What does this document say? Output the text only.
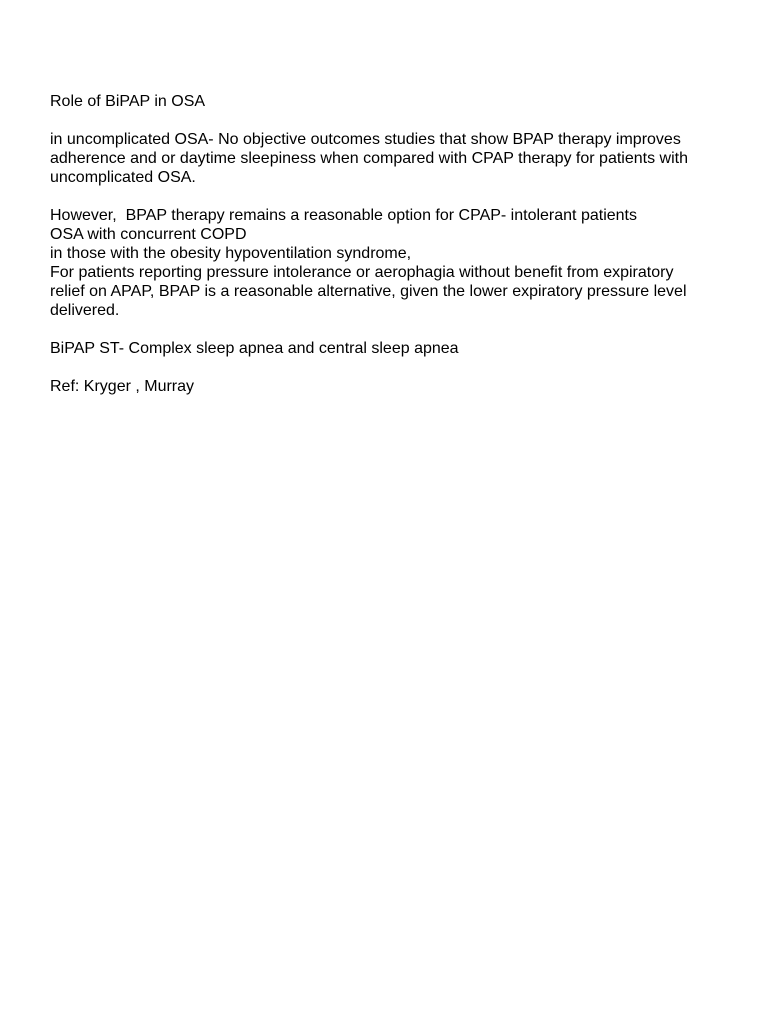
Role of BiPAP in OSA
in uncomplicated OSA- No objective outcomes studies that show BPAP therapy improves
adherence and or daytime sleepiness when compared with CPAP therapy for patients with
uncomplicated OSA.
However,  BPAP therapy remains a reasonable option for CPAP- intolerant patients
OSA with concurrent COPD
in those with the obesity hypoventilation syndrome,
For patients reporting pressure intolerance or aerophagia without benefit from expiratory
relief on APAP, BPAP is a reasonable alternative, given the lower expiratory pressure level
delivered.
BiPAP ST- Complex sleep apnea and central sleep apnea
Ref: Kryger , Murray
